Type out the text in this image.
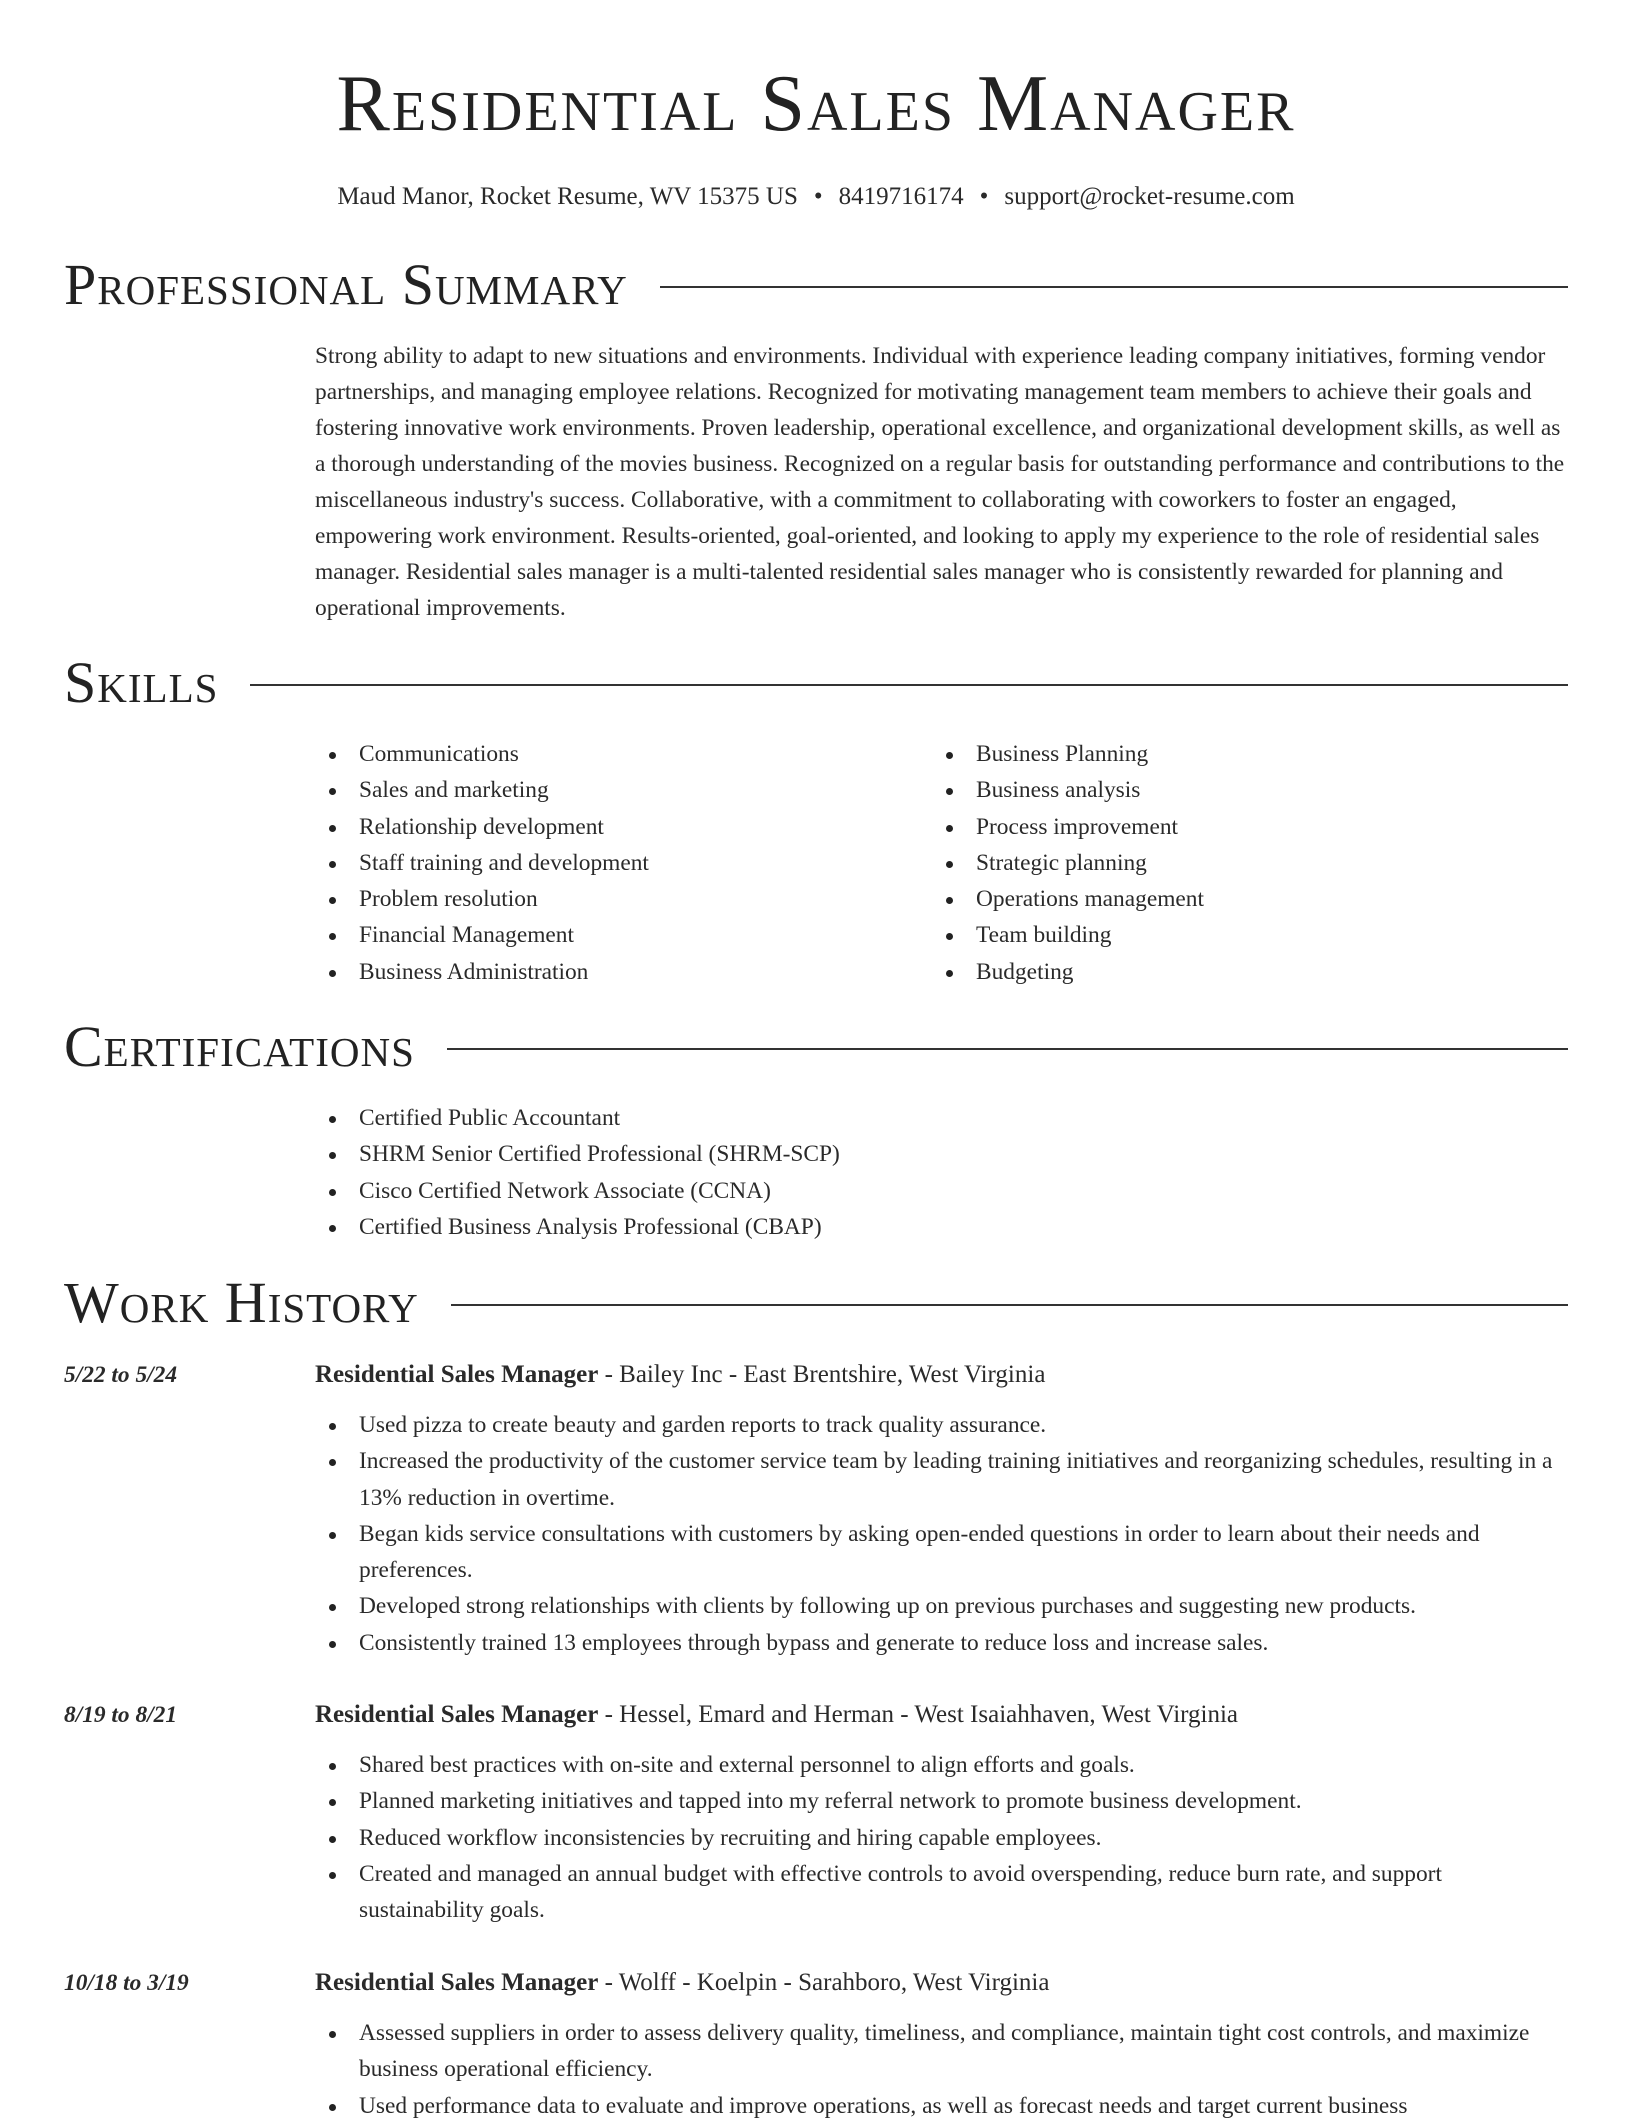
Residential Sales Manager
Maud Manor, Rocket Resume, WV 15375 US • 8419716174 • support@rocket-resume.com
Professional Summary

Strong ability to adapt to new situations and environments. Individual with experience leading company initiatives, forming vendor partnerships, and managing employee relations. Recognized for motivating management team members to achieve their goals and fostering innovative work environments. Proven leadership, operational excellence, and organizational development skills, as well as a thorough understanding of the movies business. Recognized on a regular basis for outstanding performance and contributions to the miscellaneous industry's success. Collaborative, with a commitment to collaborating with coworkers to foster an engaged, empowering work environment. Results-oriented, goal-oriented, and looking to apply my experience to the role of residential sales manager. Residential sales manager is a multi-talented residential sales manager who is consistently rewarded for planning and operational improvements.

Skills
Communications
Sales and marketing
Relationship development
Staff training and development
Problem resolution
Financial Management
Business Administration
Business Planning
Business analysis
Process improvement
Strategic planning
Operations management
Team building
Budgeting
Certifications
Certified Public Accountant
SHRM Senior Certified Professional (SHRM-SCP)
Cisco Certified Network Associate (CCNA)
Certified Business Analysis Professional (CBAP)
Work History
5/22 to 5/24	Residential Sales Manager - Bailey Inc - East Brentshire, West Virginia
Used pizza to create beauty and garden reports to track quality assurance.
Increased the productivity of the customer service team by leading training initiatives and reorganizing schedules, resulting in a 13% reduction in overtime.
Began kids service consultations with customers by asking open-ended questions in order to learn about their needs and preferences.
Developed strong relationships with clients by following up on previous purchases and suggesting new products.
Consistently trained 13 employees through bypass and generate to reduce loss and increase sales.
8/19 to 8/21	Residential Sales Manager - Hessel, Emard and Herman - West Isaiahhaven, West Virginia
Shared best practices with on-site and external personnel to align efforts and goals.
Planned marketing initiatives and tapped into my referral network to promote business development.
Reduced workflow inconsistencies by recruiting and hiring capable employees.
Created and managed an annual budget with effective controls to avoid overspending, reduce burn rate, and support sustainability goals.
10/18 to 3/19	Residential Sales Manager - Wolff - Koelpin - Sarahboro, West Virginia
Assessed suppliers in order to assess delivery quality, timeliness, and compliance, maintain tight cost controls, and maximize business operational efficiency.
Used performance data to evaluate and improve operations, as well as forecast needs and target current business
